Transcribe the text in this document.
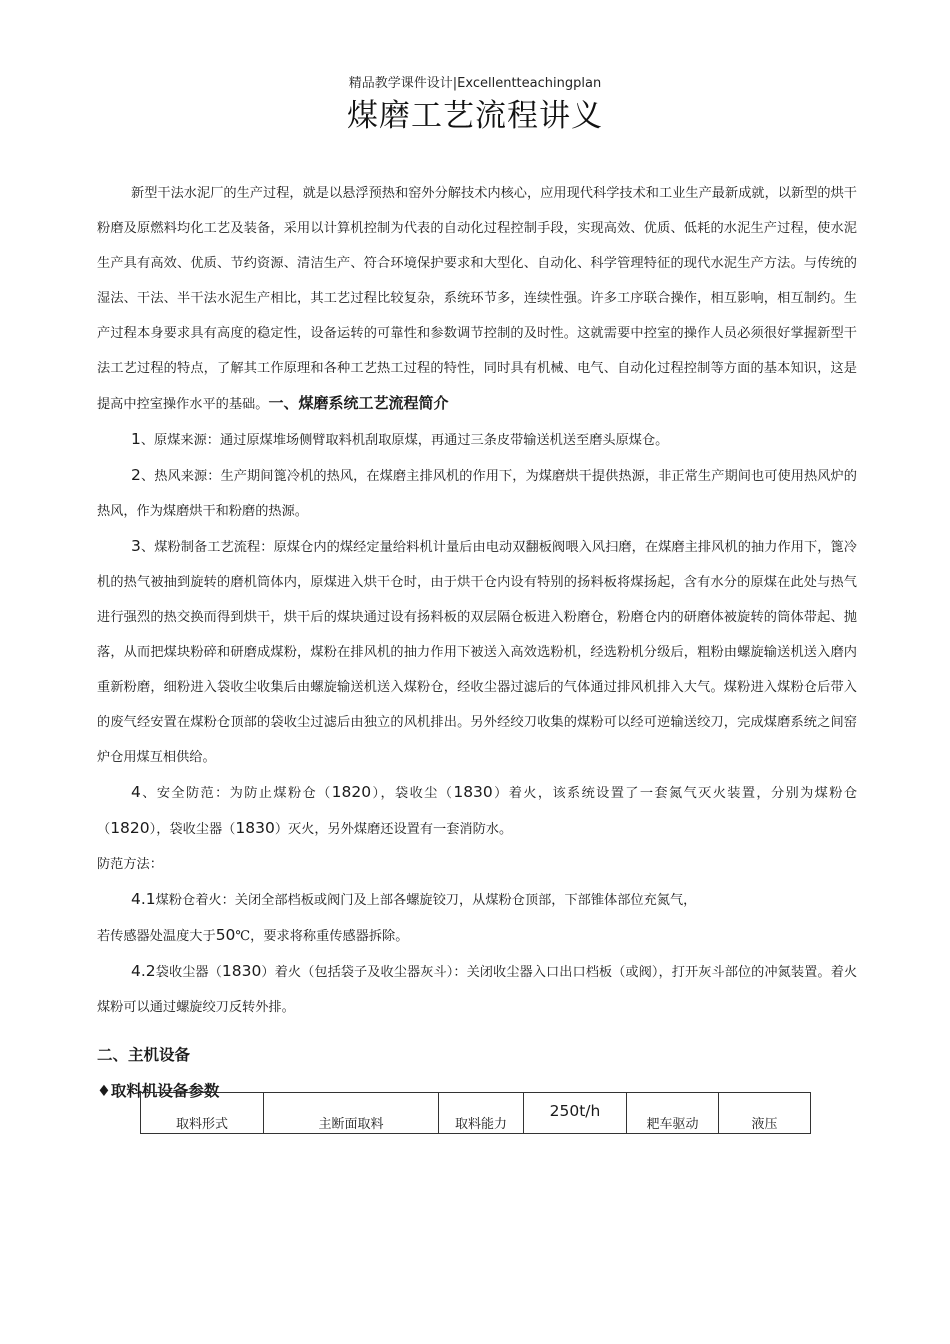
精品教学课件设计|Excellentteachingplan
煤磨工艺流程讲义

新型干法水泥厂的生产过程，就是以悬浮预热和窑外分解技术内核心，应用现代科学技术和工业生产最新成就，以新型的烘干粉磨及原燃料均化工艺及装备，采用以计算机控制为代表的自动化过程控制手段，实现高效、优质、低耗的水泥生产过程，使水泥生产具有高效、优质、节约资源、清洁生产、符合环境保护要求和大型化、自动化、科学管理特征的现代水泥生产方法。与传统的湿法、干法、半干法水泥生产相比，其工艺过程比较复杂，系统环节多，连续性强。许多工序联合操作，相互影响，相互制约。生产过程本身要求具有高度的稳定性，设备运转的可靠性和参数调节控制的及时性。这就需要中控室的操作人员必须很好掌握新型干法工艺过程的特点，了解其工作原理和各种工艺热工过程的特性，同时具有机械、电气、自动化过程控制等方面的基本知识，这是提高中控室操作水平的基础。一、煤磨系统工艺流程简介

1、原煤来源：通过原煤堆场侧臂取料机刮取原煤，再通过三条皮带输送机送至磨头原煤仓。

2、热风来源：生产期间篦冷机的热风，在煤磨主排风机的作用下，为煤磨烘干提供热源，非正常生产期间也可使用热风炉的热风，作为煤磨烘干和粉磨的热源。

3、煤粉制备工艺流程：原煤仓内的煤经定量给料机计量后由电动双翻板阀喂入风扫磨，在煤磨主排风机的抽力作用下，篦冷机的热气被抽到旋转的磨机筒体内，原煤进入烘干仓时，由于烘干仓内设有特别的扬料板将煤扬起，含有水分的原煤在此处与热气进行强烈的热交换而得到烘干，烘干后的煤块通过设有扬料板的双层隔仓板进入粉磨仓，粉磨仓内的研磨体被旋转的筒体带起、抛落，从而把煤块粉碎和研磨成煤粉，煤粉在排风机的抽力作用下被送入高效选粉机，经选粉机分级后，粗粉由螺旋输送机送入磨内重新粉磨，细粉进入袋收尘收集后由螺旋输送机送入煤粉仓，经收尘器过滤后的气体通过排风机排入大气。煤粉进入煤粉仓后带入的废气经安置在煤粉仓顶部的袋收尘过滤后由独立的风机排出。另外经绞刀收集的煤粉可以经可逆输送绞刀，完成煤磨系统之间窑炉仓用煤互相供给。

4、安全防范：为防止煤粉仓（1820），袋收尘（1830）着火，该系统设置了一套氮气灭火装置，分别为煤粉仓（1820），袋收尘器（1830）灭火，另外煤磨还设置有一套消防水。

防范方法：

4.1煤粉仓着火：关闭全部档板或阀门及上部各螺旋铰刀，从煤粉仓顶部，下部锥体部位充氮气，

若传感器处温度大于50℃，要求将称重传感器拆除。

4.2袋收尘器（1830）着火（包括袋子及收尘器灰斗）：关闭收尘器入口出口档板（或阀），打开灰斗部位的冲氮装置。着火煤粉可以通过螺旋绞刀反转外排。

二、主机设备

♦取料机设备参数

取料形式	主断面取料	取料能力	250t/h	耙车驱动	液压
